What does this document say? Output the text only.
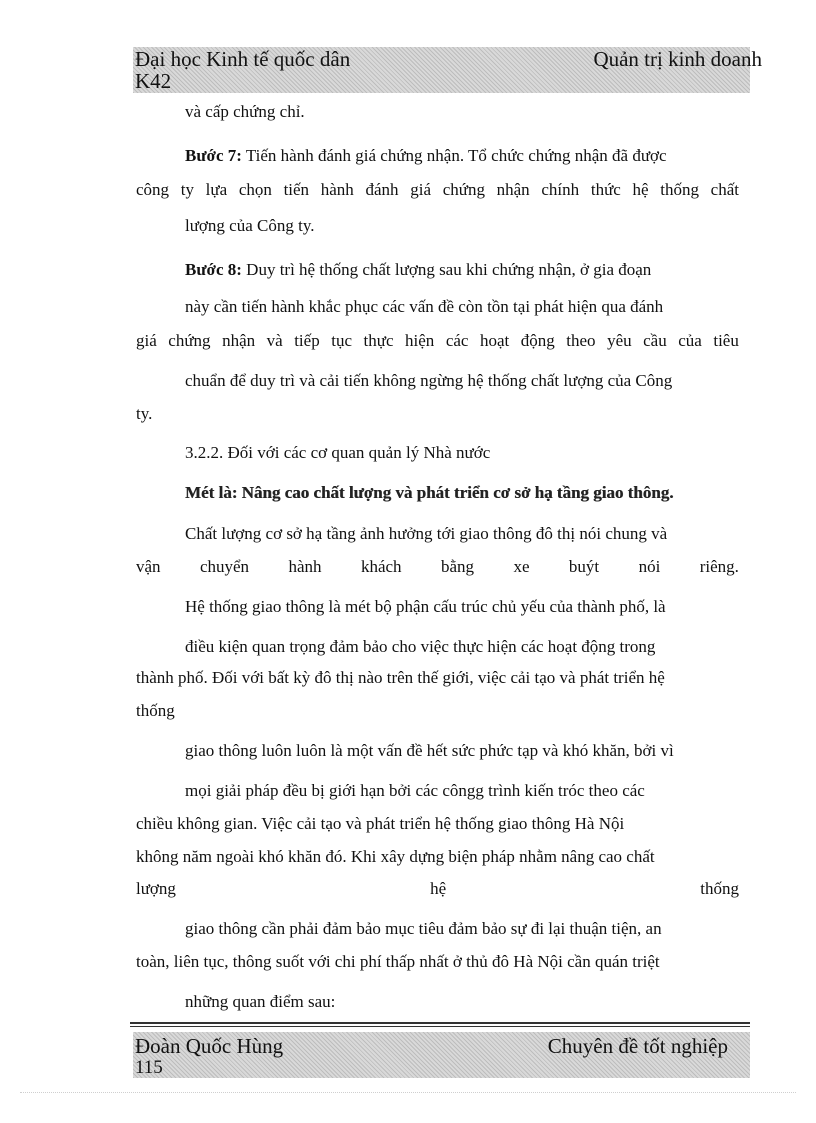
Đại học Kinh tế quốc dân	Quản trị kinh doanh
K42
và cấp chứng chỉ.
Bước 7: Tiến hành đánh giá chứng nhận. Tổ chức chứng nhận đã được
công ty lựa chọn tiến hành đánh giá chứng nhận chính thức hệ thống chất
lượng của Công ty.
Bước 8: Duy trì hệ thống chất lượng sau khi chứng nhận, ở gia đoạn
này cần tiến hành khắc phục các vấn đề còn tồn tại phát hiện qua đánh
giá chứng nhận và tiếp tục thực hiện các hoạt động theo yêu cầu của tiêu
chuẩn để duy trì và cải tiến không ngừng hệ thống chất lượng của Công
ty.
3.2.2. Đối với các cơ quan quản lý Nhà nước
Mét là: Nâng cao chất lượng và phát triển cơ sở hạ tầng giao thông.
Chất lượng cơ sở hạ tầng ảnh hưởng tới giao thông đô thị nói chung và
vận chuyển hành khách bằng xe buýt nói riêng.
Hệ thống giao thông là mét bộ phận cấu trúc chủ yếu của thành phố, là
điều kiện quan trọng đảm bảo cho việc thực hiện các hoạt động trong
thành phố. Đối với bất kỳ đô thị nào trên thế giới, việc cải tạo và phát triển hệ
thống
giao thông luôn luôn là một vấn đề hết sức phức tạp và khó khăn, bởi vì
mọi giải pháp đều bị giới hạn bởi các côngg trình kiến tróc theo các
chiều không gian. Việc cải tạo và phát triển hệ thống giao thông Hà Nội
không năm ngoài khó khăn đó. Khi xây dựng biện pháp nhằm nâng cao chất
lượng	hệ	thống
giao thông cần phải đảm bảo mục tiêu đảm bảo sự đi lại thuận tiện, an
toàn, liên tục, thông suốt với chi phí thấp nhất ở thủ đô Hà Nội cần quán triệt
những quan điểm sau:
Đoàn Quốc Hùng	Chuyên đề tốt nghiệp
115
